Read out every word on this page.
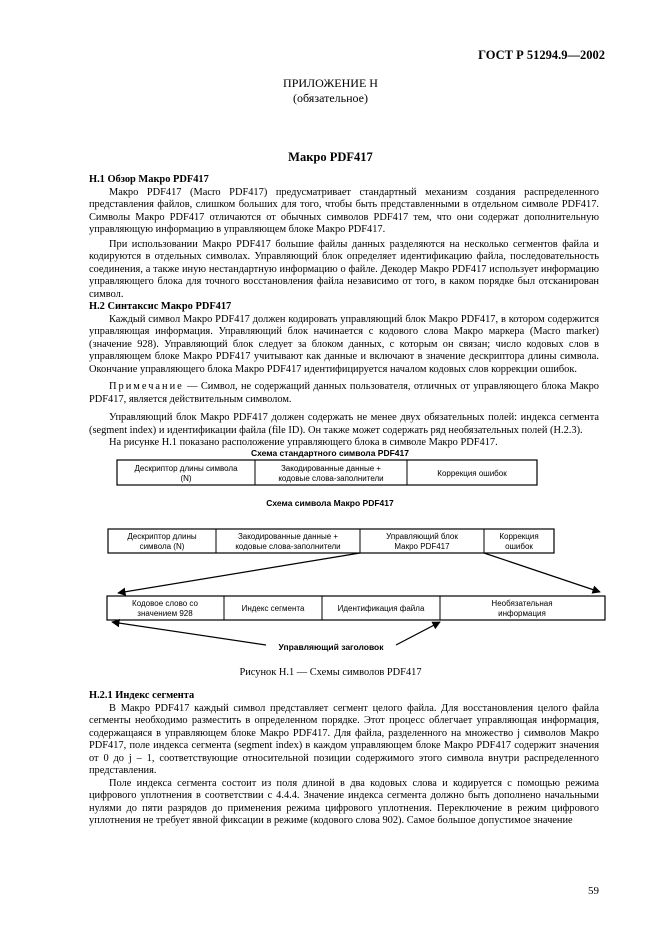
ГОСТ Р 51294.9—2002
ПРИЛОЖЕНИЕ Н
(обязательное)
Макро PDF417
Н.1 Обзор Макро PDF417

Макро PDF417 (Macro PDF417) предусматривает стандартный механизм создания распределенного представления файлов, слишком больших для того, чтобы быть представленными в отдельном символе PDF417. Символы Макро PDF417 отличаются от обычных символов PDF417 тем, что они содержат дополнительную управляющую информацию в управляющем блоке Макро PDF417.

При использовании Макро PDF417 большие файлы данных разделяются на несколько сегментов файла и кодируются в отдельных символах. Управляющий блок определяет идентификацию файла, последовательность соединения, а также иную нестандартную информацию о файле. Декодер Макро PDF417 использует информацию управляющего блока для точного восстановления файла независимо от того, в каком порядке был отсканирован символ.

Н.2 Синтаксис Макро PDF417

Каждый символ Макро PDF417 должен кодировать управляющий блок Макро PDF417, в котором содержится управляющая информация. Управляющий блок начинается с кодового слова Макро маркера (Macro marker) (значение 928). Управляющий блок следует за блоком данных, с которым он связан; число кодовых слов в управляющем блоке Макро PDF417 учитывают как данные и включают в значение дескриптора длины символа. Окончание управляющего блока Макро PDF417 идентифицируется началом кодовых слов коррекции ошибок.

Примечание — Символ, не содержащий данных пользователя, отличных от управляющего блока Макро PDF417, является действительным символом.

Управляющий блок Макро PDF417 должен содержать не менее двух обязательных полей: индекса сегмента (segment index) и идентификации файла (file ID). Он также может содержать ряд необязательных полей (Н.2.3).

На рисунке Н.1 показано расположение управляющего блока в символе Макро PDF417.

Схема стандартного символа PDF417
Дескриптор длины символа
(N)
Закодированные данные +
кодовые слова-заполнители
Коррекция ошибок
Схема символа Макро PDF417
Дескриптор длины
символа (N)
Закодированные данные +
кодовые слова-заполнители
Управляющий блок
Макро PDF417
Коррекция
ошибок
Кодовое слово со
значением 928
Индекс сегмента	Идентификация файла
Необязательная
информация
Управляющий заголовок
Рисунок Н.1 — Схемы символов PDF417
Н.2.1 Индекс сегмента

В Макро PDF417 каждый символ представляет сегмент целого файла. Для восстановления целого файла сегменты необходимо разместить в определенном порядке. Этот процесс облегчает управляющая информация, содержащаяся в управляющем блоке Макро PDF417. Для файла, разделенного на множество j символов Макро PDF417, поле индекса сегмента (segment index) в каждом управляющем блоке Макро PDF417 содержит значения от 0 до j – 1, соответствующие относительной позиции содержимого этого символа внутри распределенного представления.

Поле индекса сегмента состоит из поля длиной в два кодовых слова и кодируется с помощью режима цифрового уплотнения в соответствии с 4.4.4. Значение индекса сегмента должно быть дополнено начальными нулями до пяти разрядов до применения режима цифрового уплотнения. Переключение в режим цифрового уплотнения не требует явной фиксации в режиме (кодового слова 902). Самое большое допустимое значение

59
